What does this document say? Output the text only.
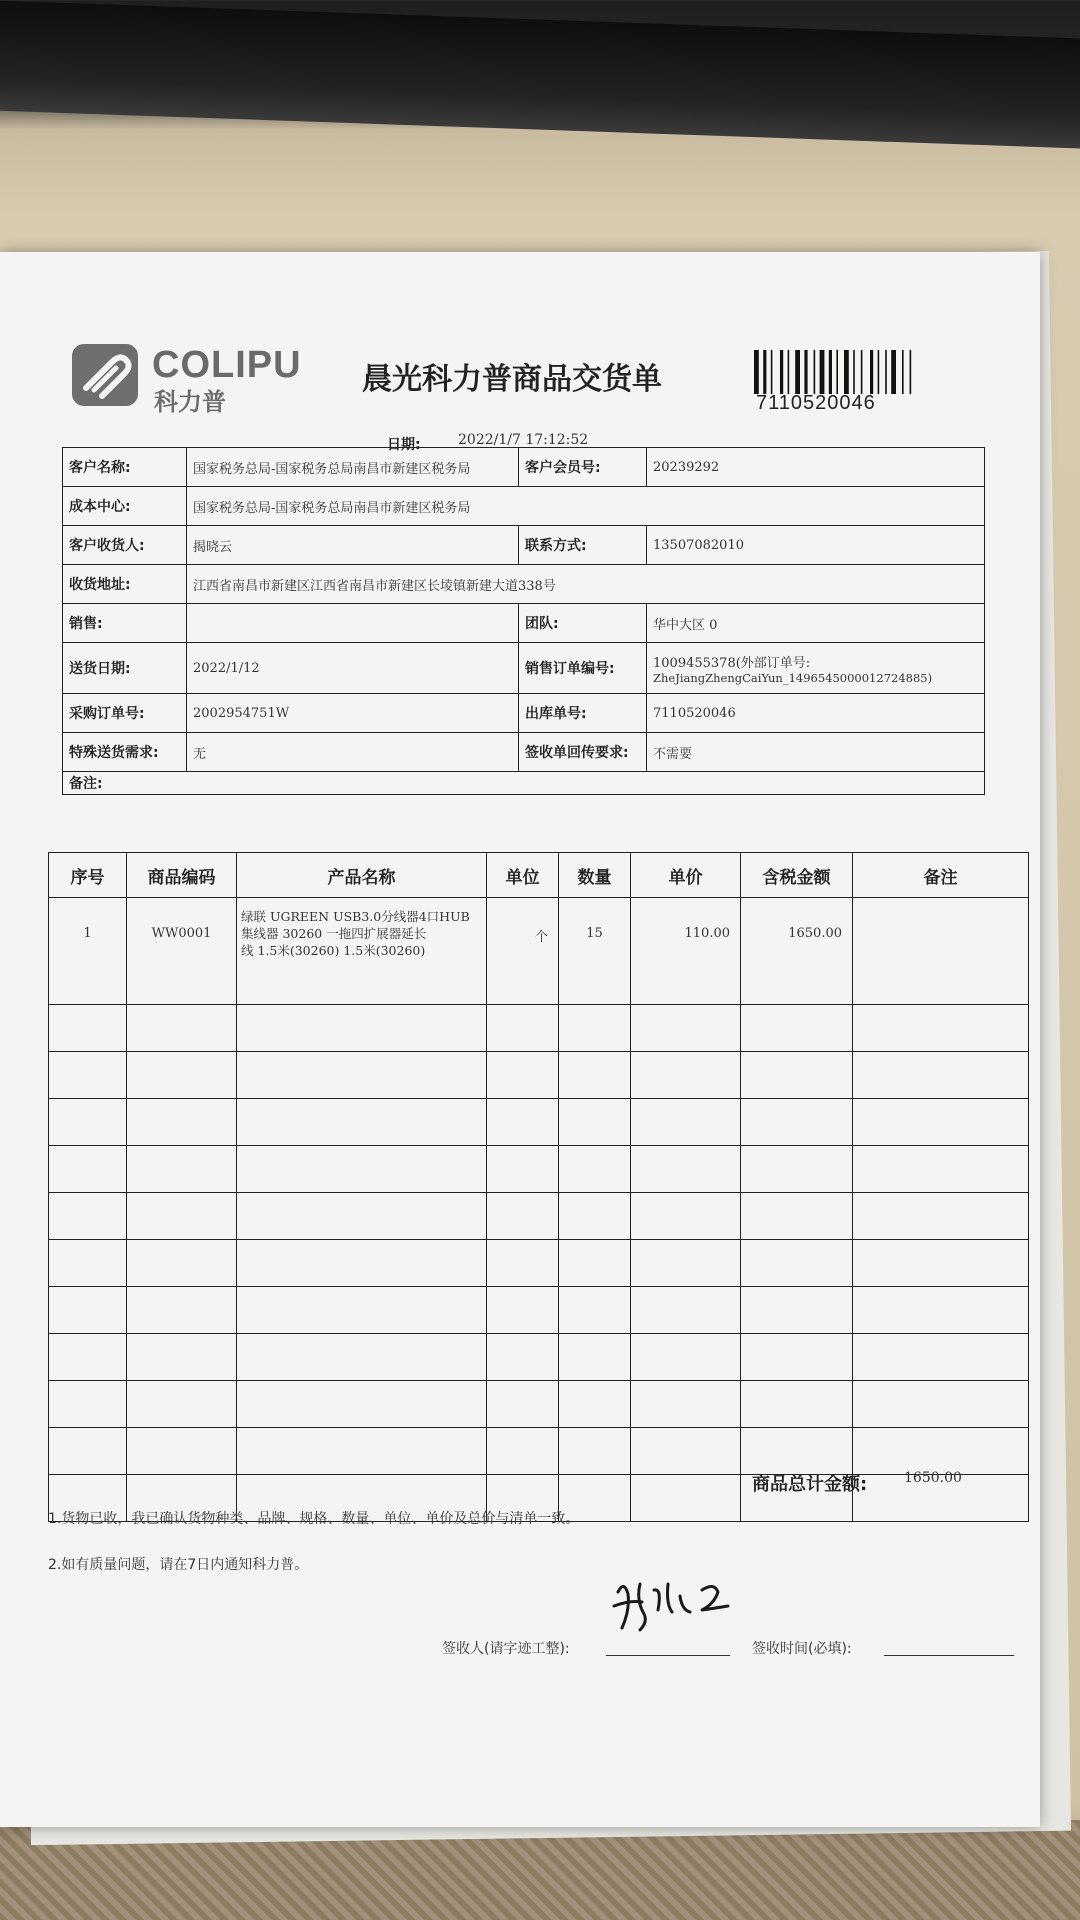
COLIPU
科力普
晨光科力普商品交货单
7110520046
日期:	2022/1/7 17:12:52
客户名称:	国家税务总局-国家税务总局南昌市新建区税务局	客户会员号:	20239292
成本中心:	国家税务总局-国家税务总局南昌市新建区税务局		
客户收货人:	揭晓云	联系方式:	13507082010
收货地址:	江西省南昌市新建区江西省南昌市新建区长堎镇新建大道338号		
销售:		团队:	华中大区 0
送货日期:	2022/1/12	销售订单编号:	1009455378(外部订单号:
ZheJiangZhengCaiYun_1496545000012724885)

采购订单号:	2002954751W	出库单号:	7110520046
特殊送货需求:	无	签收单回传要求:	不需要
备注:			
序号	商品编码	产品名称	单位	数量	单价	含税金额	备注
1	WW0001	绿联 UGREEN USB3.0分线器4口HUB
集线器 30260 一拖四扩展器延长
线 1.5米(30260) 1.5米(30260)	个	15	110.00	1650.00	

商品总计金额:	1650.00
1.货物已收，我已确认货物种类、品牌、规格、数量、单位、单价及总价与清单一致。
2.如有质量问题，请在7日内通知科力普。
签收人(请字迹工整):	签收时间(必填):
